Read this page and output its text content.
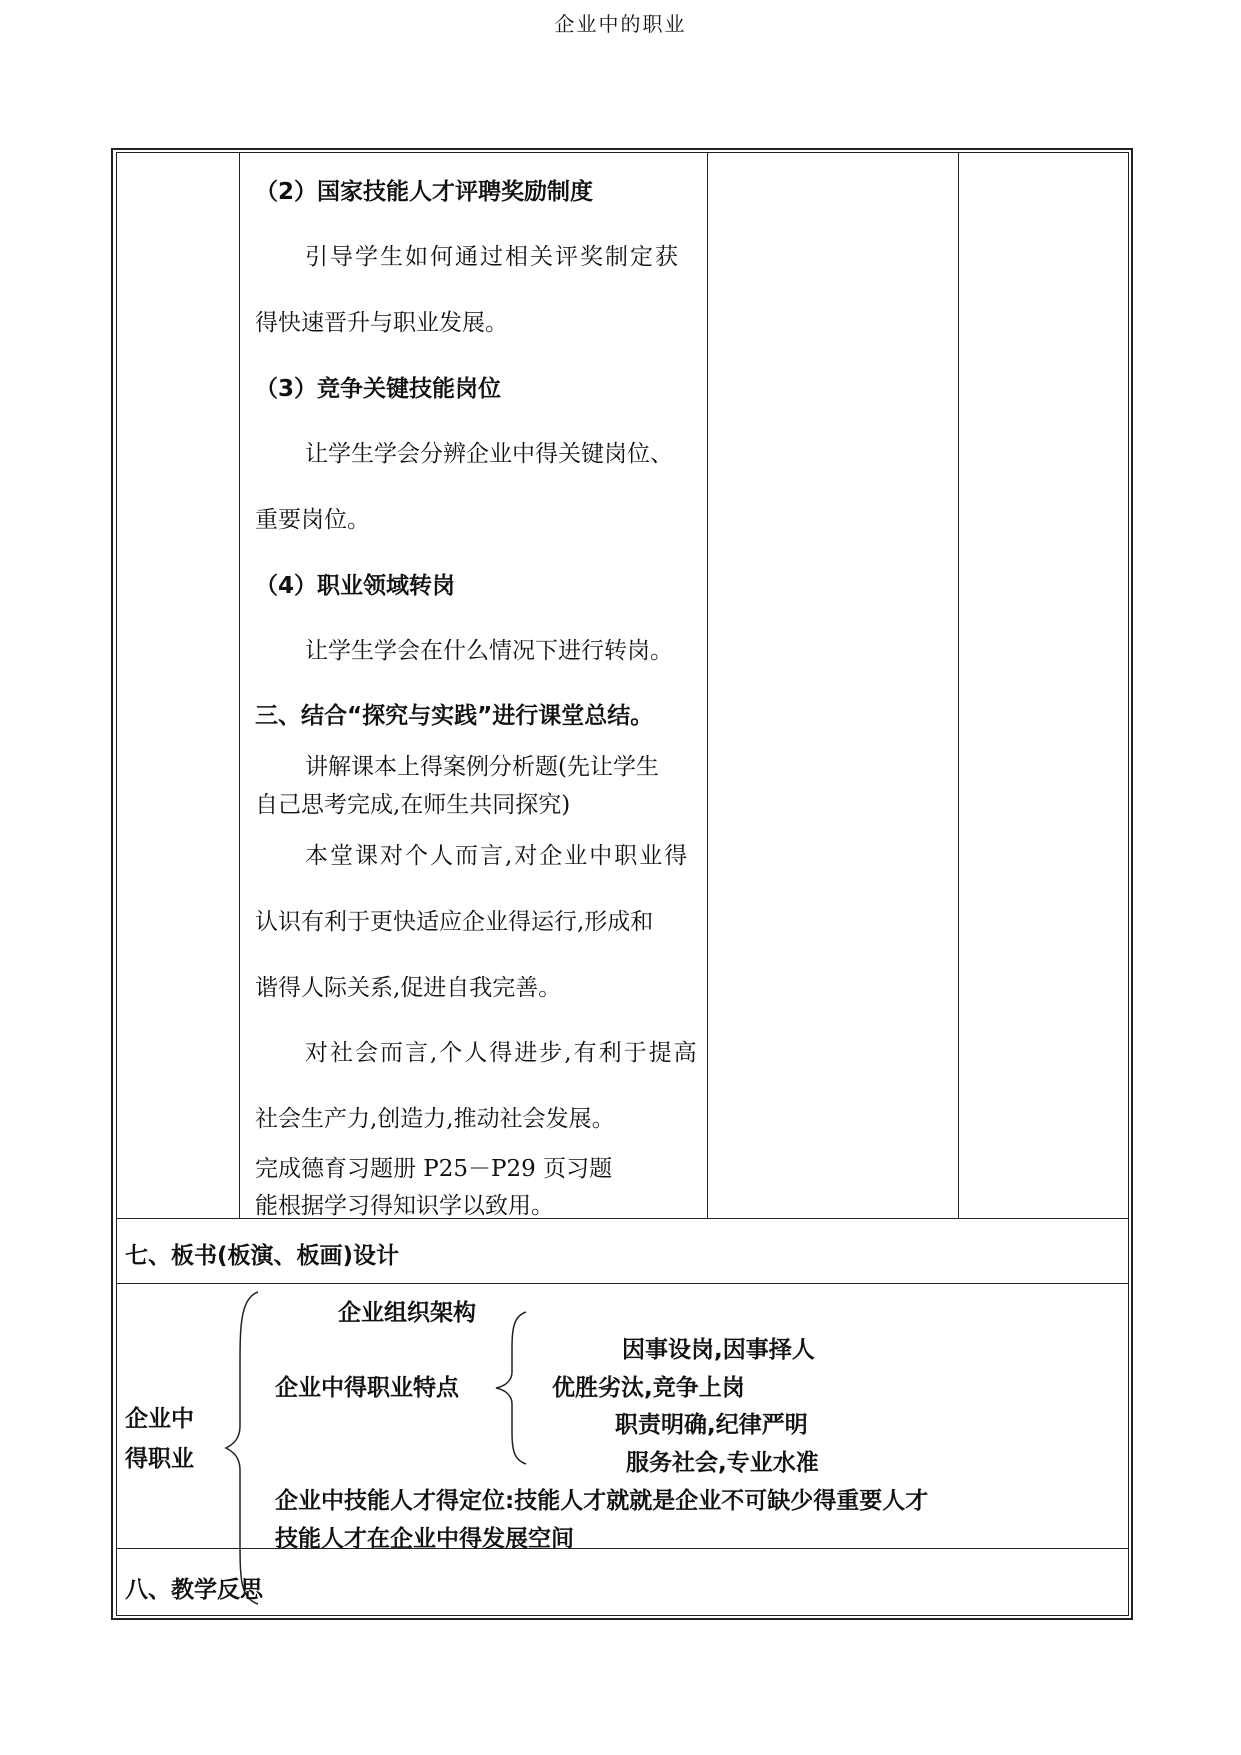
企业中的职业
（2）国家技能人才评聘奖励制度
引导学生如何通过相关评奖制定获
得快速晋升与职业发展。
（3）竞争关键技能岗位
让学生学会分辨企业中得关键岗位、
重要岗位。
（4）职业领域转岗
让学生学会在什么情况下进行转岗。
三、结合“探究与实践”进行课堂总结。
讲解课本上得案例分析题(先让学生
自己思考完成,在师生共同探究)
本堂课对个人而言,对企业中职业得
认识有利于更快适应企业得运行,形成和
谐得人际关系,促进自我完善。
对社会而言,个人得进步,有利于提高
社会生产力,创造力,推动社会发展。
完成德育习题册 P25－P29 页习题
能根据学习得知识学以致用。
七、板书(板演、板画)设计
企业中
得职业
企业组织架构
企业中得职业特点
因事设岗,因事择人
优胜劣汰,竞争上岗
职责明确,纪律严明
服务社会,专业水准
企业中技能人才得定位:技能人才就就是企业不可缺少得重要人才
技能人才在企业中得发展空间
八、教学反思
